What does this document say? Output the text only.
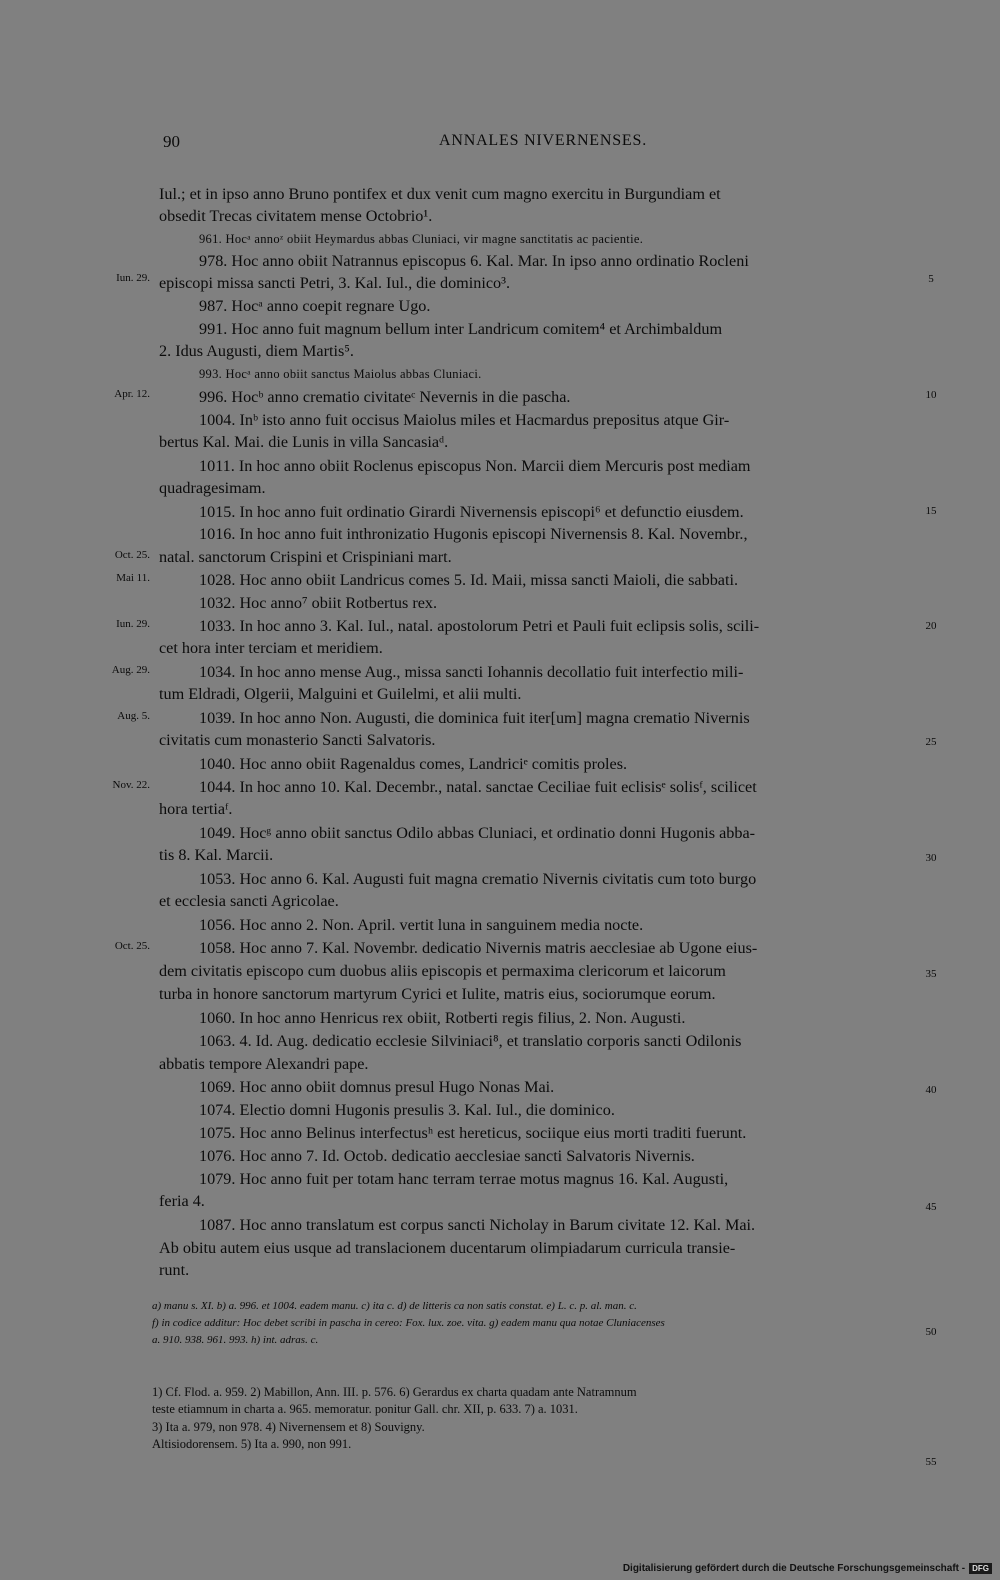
90	ANNALES NIVERNENSES.
Iul.; et in ipso anno Bruno pontifex et dux venit cum magno exercitu in Burgundiam et
obsedit Trecas civitatem mense Octobrio¹.
961. Hocᵃ annoᶻ obiit Heymardus abbas Cluniaci, vir magne sanctitatis ac pacientie.
978. Hoc anno obiit Natrannus episcopus 6. Kal. Mar. In ipso anno ordinatio Rocleni
episcopi missa sancti Petri, 3. Kal. Iul., die dominico³.
987. Hocᵃ anno coepit regnare Ugo.
991. Hoc anno fuit magnum bellum inter Landricum comitem⁴ et Archimbaldum
2. Idus Augusti, diem Martis⁵.
993. Hocᵃ anno obiit sanctus Maiolus abbas Cluniaci.
996. Hocᵇ anno crematio civitateᶜ Nevernis in die pascha.
1004. Inᵇ isto anno fuit occisus Maiolus miles et Hacmardus prepositus atque Gir-
bertus Kal. Mai. die Lunis in villa Sancasiaᵈ.
1011. In hoc anno obiit Roclenus episcopus Non. Marcii diem Mercuris post mediam
quadragesimam.
1015. In hoc anno fuit ordinatio Girardi Nivernensis episcopi⁶ et defunctio eiusdem.
1016. In hoc anno fuit inthronizatio Hugonis episcopi Nivernensis 8. Kal. Novembr.,
natal. sanctorum Crispini et Crispiniani mart.
1028. Hoc anno obiit Landricus comes 5. Id. Maii, missa sancti Maioli, die sabbati.
1032. Hoc anno⁷ obiit Rotbertus rex.
1033. In hoc anno 3. Kal. Iul., natal. apostolorum Petri et Pauli fuit eclipsis solis, scili-
cet hora inter terciam et meridiem.
1034. In hoc anno mense Aug., missa sancti Iohannis decollatio fuit interfectio mili-
tum Eldradi, Olgerii, Malguini et Guilelmi, et alii multi.
1039. In hoc anno Non. Augusti, die dominica fuit iter[um] magna crematio Nivernis
civitatis cum monasterio Sancti Salvatoris.
1040. Hoc anno obiit Ragenaldus comes, Landriciᵉ comitis proles.
1044. In hoc anno 10. Kal. Decembr., natal. sanctae Ceciliae fuit eclisisᵉ solisᶠ, scilicet
hora tertiaᶠ.
1049. Hocᵍ anno obiit sanctus Odilo abbas Cluniaci, et ordinatio donni Hugonis abba-
tis 8. Kal. Marcii.
1053. Hoc anno 6. Kal. Augusti fuit magna crematio Nivernis civitatis cum toto burgo
et ecclesia sancti Agricolae.
1056. Hoc anno 2. Non. April. vertit luna in sanguinem media nocte.
1058. Hoc anno 7. Kal. Novembr. dedicatio Nivernis matris aecclesiae ab Ugone eius-
dem civitatis episcopo cum duobus aliis episcopis et permaxima clericorum et laicorum
turba in honore sanctorum martyrum Cyrici et Iulite, matris eius, sociorumque eorum.
1060. In hoc anno Henricus rex obiit, Rotberti regis filius, 2. Non. Augusti.
1063. 4. Id. Aug. dedicatio ecclesie Silviniaci⁸, et translatio corporis sancti Odilonis
abbatis tempore Alexandri pape.
1069. Hoc anno obiit domnus presul Hugo Nonas Mai.
1074. Electio domni Hugonis presulis 3. Kal. Iul., die dominico.
1075. Hoc anno Belinus interfectusʰ est hereticus, sociique eius morti traditi fuerunt.
1076. Hoc anno 7. Id. Octob. dedicatio aecclesiae sancti Salvatoris Nivernis.
1079. Hoc anno fuit per totam hanc terram terrae motus magnus 16. Kal. Augusti,
feria 4.
1087. Hoc anno translatum est corpus sancti Nicholay in Barum civitate 12. Kal. Mai.
Ab obitu autem eius usque ad translacionem ducentarum olimpiadarum curricula transie-
runt.
Iun. 29.
Apr. 12.
Oct. 25.
Mai 11.
Iun. 29.
Aug. 29.
Aug. 5.
Nov. 22.
Oct. 25.
5
10
15
20
25
30
35
40
45
50
55
a) manu s. XI. b) a. 996. et 1004. eadem manu. c) ita c. d) de litteris ca non satis constat. e) L. c. p. al. man. c.
f) in codice additur: Hoc debet scribi in pascha in cereo: Fox. lux. zoe. vita. g) eadem manu qua notae Cluniacenses
a. 910. 938. 961. 993. h) int. adras. c.
1) Cf. Flod. a. 959. 2) Mabillon, Ann. III. p. 576. 6) Gerardus ex charta quadam ante Natramnum
teste etiamnum in charta a. 965. memoratur. ponitur Gall. chr. XII, p. 633. 7) a. 1031.
3) Ita a. 979, non 978. 4) Nivernensem et 8) Souvigny.
Altisiodorensem. 5) Ita a. 990, non 991.
Digitalisierung gefördert durch die Deutsche Forschungsgemeinschaft - DFG
